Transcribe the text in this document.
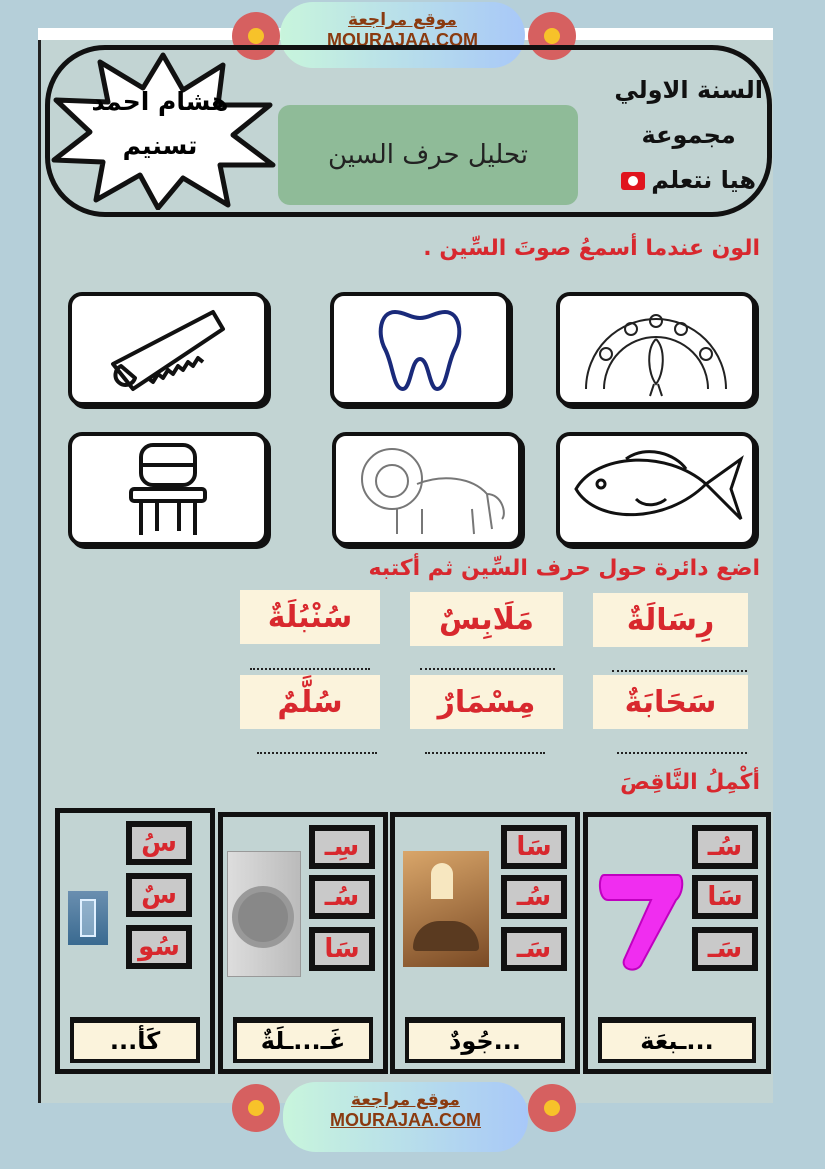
موقع مراجعة
MOURAJAA.COM
هشام احمد
تسنيم	تحليل حرف السين
السنة الاولي
مجموعة
هيا نتعلم
الون عندما أسمعُ صوتَ السِّين .
اضع دائرة حول حرف السِّين ثم أكتبه
رِسَالَةٌ
مَلَابِسٌ
سُنْبُلَةٌ
سَحَابَةٌ
مِسْمَارٌ
سُلَّمٌ
أكْمِلُ النَّاقِصَ
سُـ
سَا
سَـ
...ـبعَة
سَا
سُـ
سَـ
...جُودٌ
سِـ
سُـ
سَا
غَـ...ـلَةٌ
سُ
سٌ
سُو
كَأ...
موقع مراجعة
MOURAJAA.COM
